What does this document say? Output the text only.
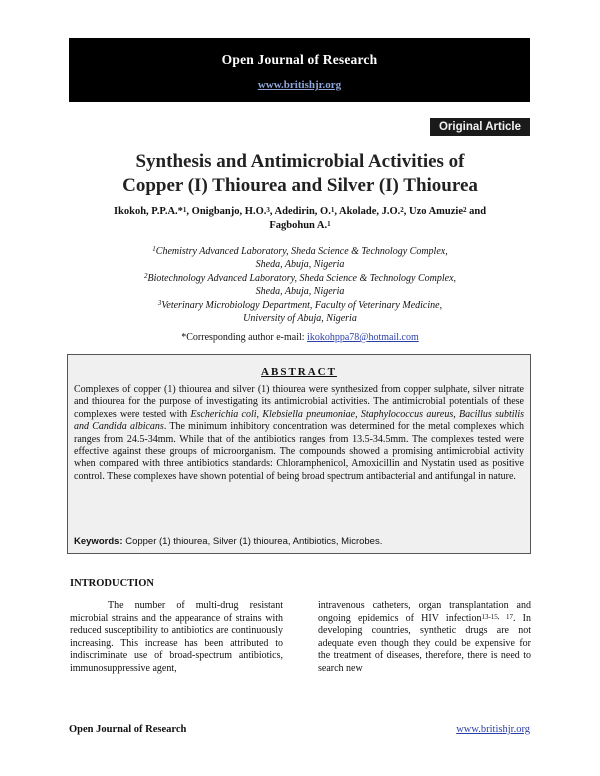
Open Journal of Research
www.britishjr.org
Original Article
Synthesis and Antimicrobial Activities of
Copper (I) Thiourea and Silver (I) Thiourea
Ikokoh, P.P.A.*$^1$, Onigbanjo, H.O.$^3$, Adedirin, O.$^1$, Akolade, J.O.$^2$, Uzo Amuzie$^2$ and
Fagbohun A.$^1$
$^1$Chemistry Advanced Laboratory, Sheda Science & Technology Complex,
Sheda, Abuja, Nigeria
$^2$Biotechnology Advanced Laboratory, Sheda Science & Technology Complex,
Sheda, Abuja, Nigeria
$^3$Veterinary Microbiology Department, Faculty of Veterinary Medicine,
University of Abuja, Nigeria
*Corresponding author e-mail: ikokohppa78@hotmail.com
ABSTRACT
Complexes of copper (1) thiourea and silver (1) thiourea were synthesized from copper sulphate, silver nitrate and thiourea for the purpose of investigating its antimicrobial activities. The antimicrobial potentials of these complexes were tested with Escherichia coli, Klebsiella pneumoniae, Staphylococcus aureus, Bacillus subtilis and Candida albicans. The minimum inhibitory concentration was determined for the metal complexes which ranges from 24.5-34mm. While that of the antibiotics ranges from 13.5-34.5mm. The complexes tested were effective against these groups of microorganism. The compounds showed a promising antimicrobial activity when compared with three antibiotics standards: Chloramphenicol, Amoxicillin and Nystatin used as positive control. These complexes have shown potential of being broad spectrum antibacterial and antifungal in nature.
Keywords: Copper (1) thiourea, Silver (1) thiourea, Antibiotics, Microbes.
INTRODUCTION

The number of multi-drug resistant microbial strains and the appearance of strains with reduced susceptibility to antibiotics are continuously increasing. This increase has been attributed to indiscriminate use of broad-spectrum antibiotics, immunosuppressive agent,

intravenous catheters, organ transplantation and ongoing epidemics of HIV infection$^{13-15, 17}$. In developing countries, synthetic drugs are not adequate even though they could be expensive for the treatment of diseases, therefore, there is need to search new

Open Journal of Research	www.britishjr.org
